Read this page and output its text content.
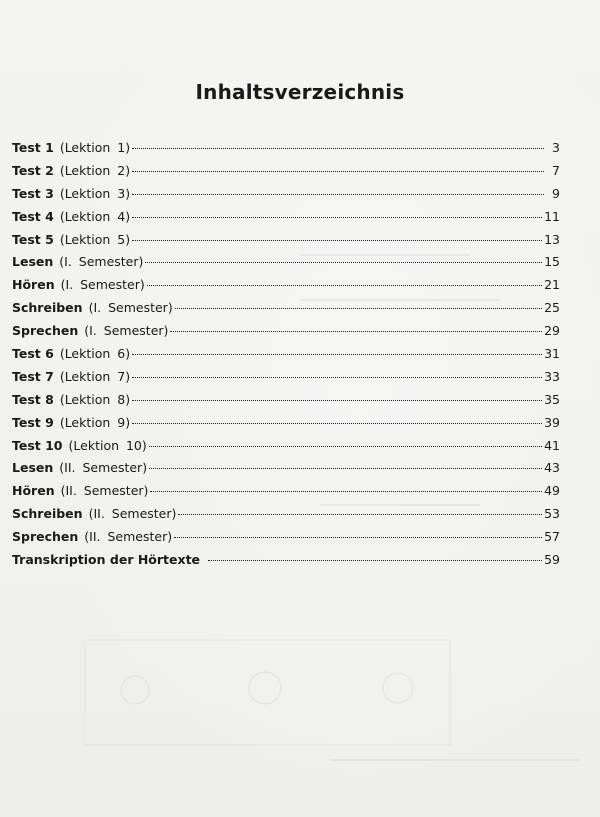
Inhaltsverzeichnis
Test 1 (Lektion 1)	3
Test 2 (Lektion 2)	7
Test 3 (Lektion 3)	9
Test 4 (Lektion 4)	11
Test 5 (Lektion 5)	13
Lesen (I. Semester)	15
Hören (I. Semester)	21
Schreiben (I. Semester)	25
Sprechen (I. Semester)	29
Test 6 (Lektion 6)	31
Test 7 (Lektion 7)	33
Test 8 (Lektion 8)	35
Test 9 (Lektion 9)	39
Test 10 (Lektion 10)	41
Lesen (II. Semester)	43
Hören (II. Semester)	49
Schreiben (II. Semester)	53
Sprechen (II. Semester)	57
Transkription der Hörtexte	59
